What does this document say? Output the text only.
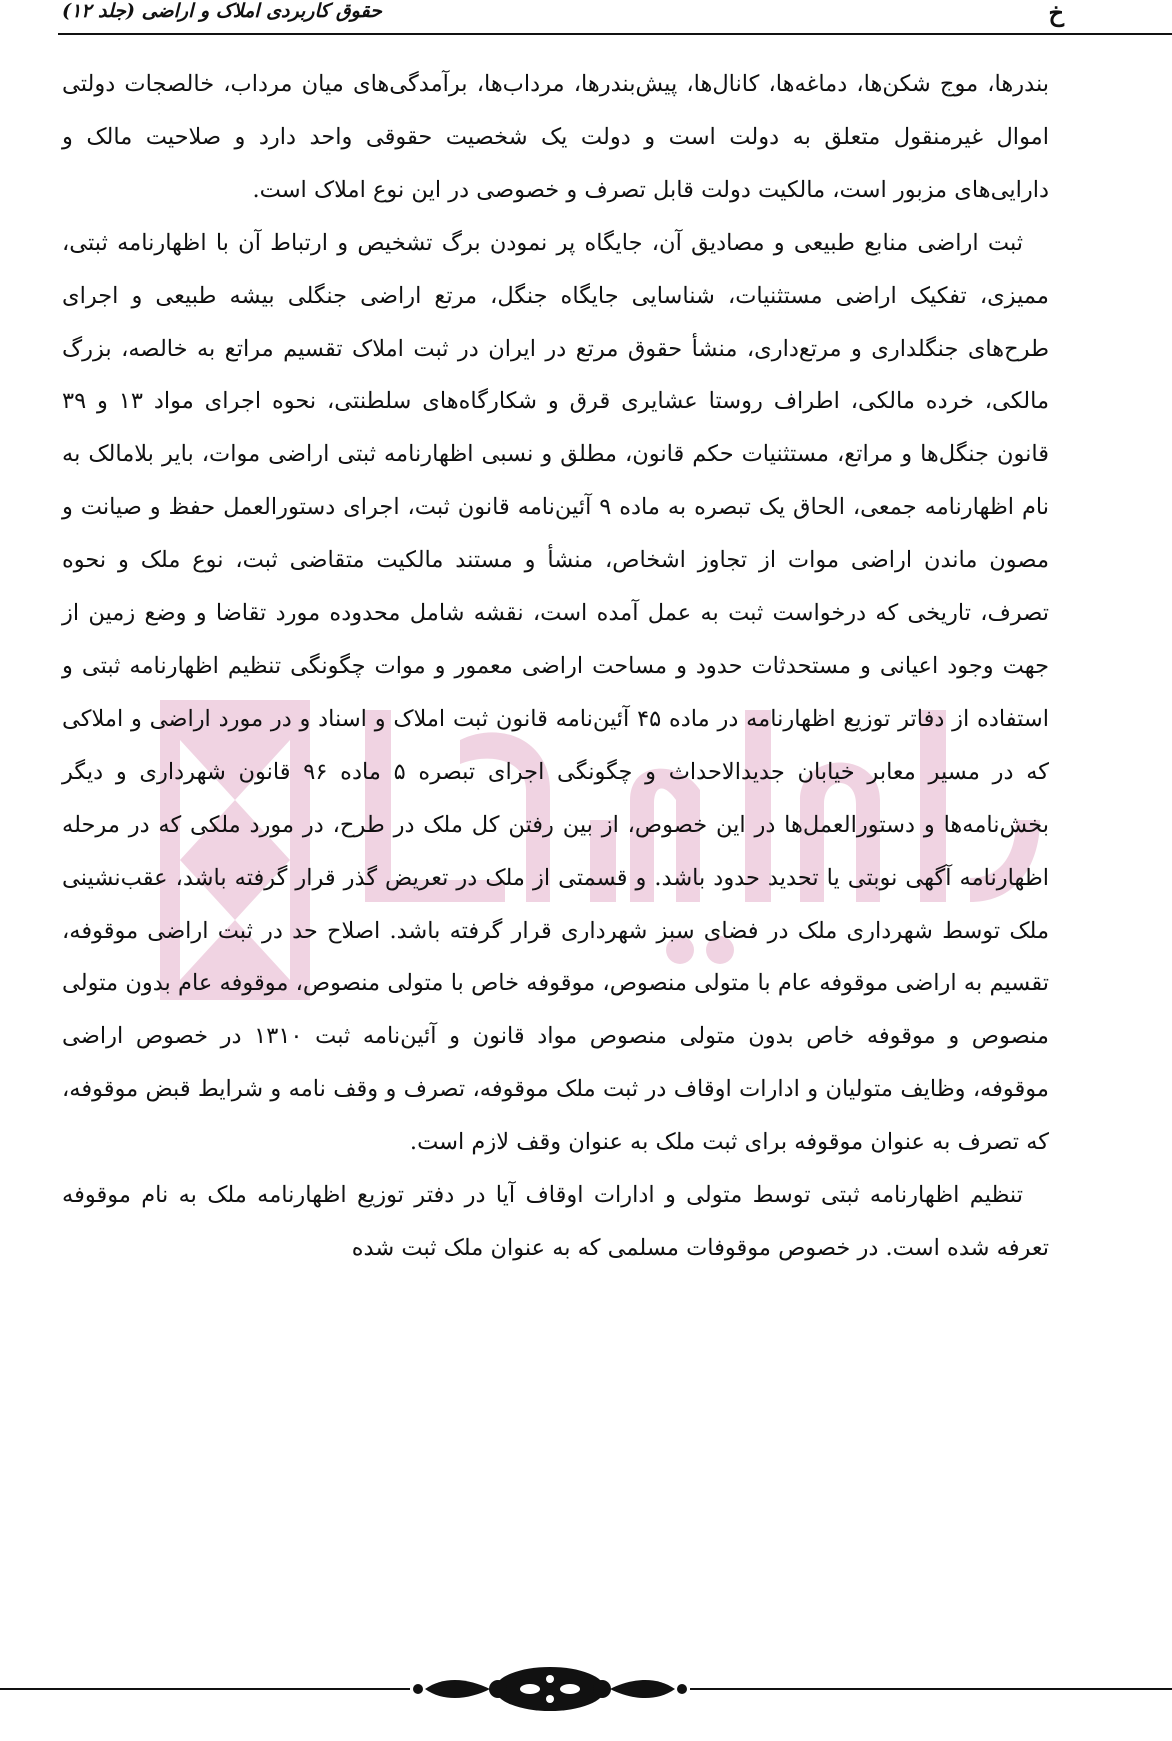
خ
حقوق کاربردی املاک و اراضی (جلد ۱۲)

بندرها، موج شکن‌ها، دماغه‌ها، کانال‌ها، پیش‌بندرها، مرداب‌ها، برآمدگی‌های میان مرداب، خالصجات دولتی اموال غیرمنقول متعلق به دولت است و دولت یک شخصیت حقوقی واحد دارد و صلاحیت مالک و دارایی‌های مزبور است، مالکیت دولت قابل تصرف و خصوصی در این نوع املاک است.

ثبت اراضی منابع طبیعی و مصادیق آن، جایگاه پر نمودن برگ تشخیص و ارتباط آن با اظهارنامه ثبتی، ممیزی، تفکیک اراضی مستثنیات، شناسایی جایگاه جنگل، مرتع اراضی جنگلی بیشه طبیعی و اجرای طرح‌های جنگلداری و مرتع‌داری، منشأ حقوق مرتع در ایران در ثبت املاک تقسیم مراتع به خالصه، بزرگ مالکی، خرده مالکی، اطراف روستا عشایری قرق و شکارگاه‌های سلطنتی، نحوه اجرای مواد ۱۳ و ۳۹ قانون جنگل‌ها و مراتع، مستثنیات حکم قانون، مطلق و نسبی اظهارنامه ثبتی اراضی موات، بایر بلامالک به نام اظهارنامه جمعی، الحاق یک تبصره به ماده ۹ آئین‌نامه قانون ثبت، اجرای دستورالعمل حفظ و صیانت و مصون ماندن اراضی موات از تجاوز اشخاص، منشأ و مستند مالکیت متقاضی ثبت، نوع ملک و نحوه تصرف، تاریخی که درخواست ثبت به عمل آمده است، نقشه شامل محدوده مورد تقاضا و وضع زمین از جهت وجود اعیانی و مستحدثات حدود و مساحت اراضی معمور و موات چگونگی تنظیم اظهارنامه ثبتی و استفاده از دفاتر توزیع اظهارنامه در ماده ۴۵ آئین‌نامه قانون ثبت املاک و اسناد و در مورد اراضی و املاکی که در مسیر معابر خیابان جدیدالاحداث و چگونگی اجرای تبصره ۵ ماده ۹۶ قانون شهرداری و دیگر بخش‌نامه‌ها و دستورالعمل‌ها در این خصوص، از بین رفتن کل ملک در طرح، در مورد ملکی که در مرحله اظهارنامه آگهی نوبتی یا تحدید حدود باشد. و قسمتی از ملک در تعریض گذر قرار گرفته باشد، عقب‌نشینی ملک توسط شهرداری ملک در فضای سبز شهرداری قرار گرفته باشد. اصلاح حد در ثبت اراضی موقوفه، تقسیم به اراضی موقوفه عام با متولی منصوص، موقوفه خاص با متولی منصوص، موقوفه عام بدون متولی منصوص و موقوفه خاص بدون متولی منصوص مواد قانون و آئین‌نامه ثبت ۱۳۱۰ در خصوص اراضی موقوفه، وظایف متولیان و ادارات اوقاف در ثبت ملک موقوفه، تصرف و وقف نامه و شرایط قبض موقوفه، که تصرف به عنوان موقوفه برای ثبت ملک به عنوان وقف لازم است.

تنظیم اظهارنامه ثبتی توسط متولی و ادارات اوقاف آیا در دفتر توزیع اظهارنامه ملک به نام موقوفه تعرفه شده است. در خصوص موقوفات مسلمی که به عنوان ملک ثبت شده
